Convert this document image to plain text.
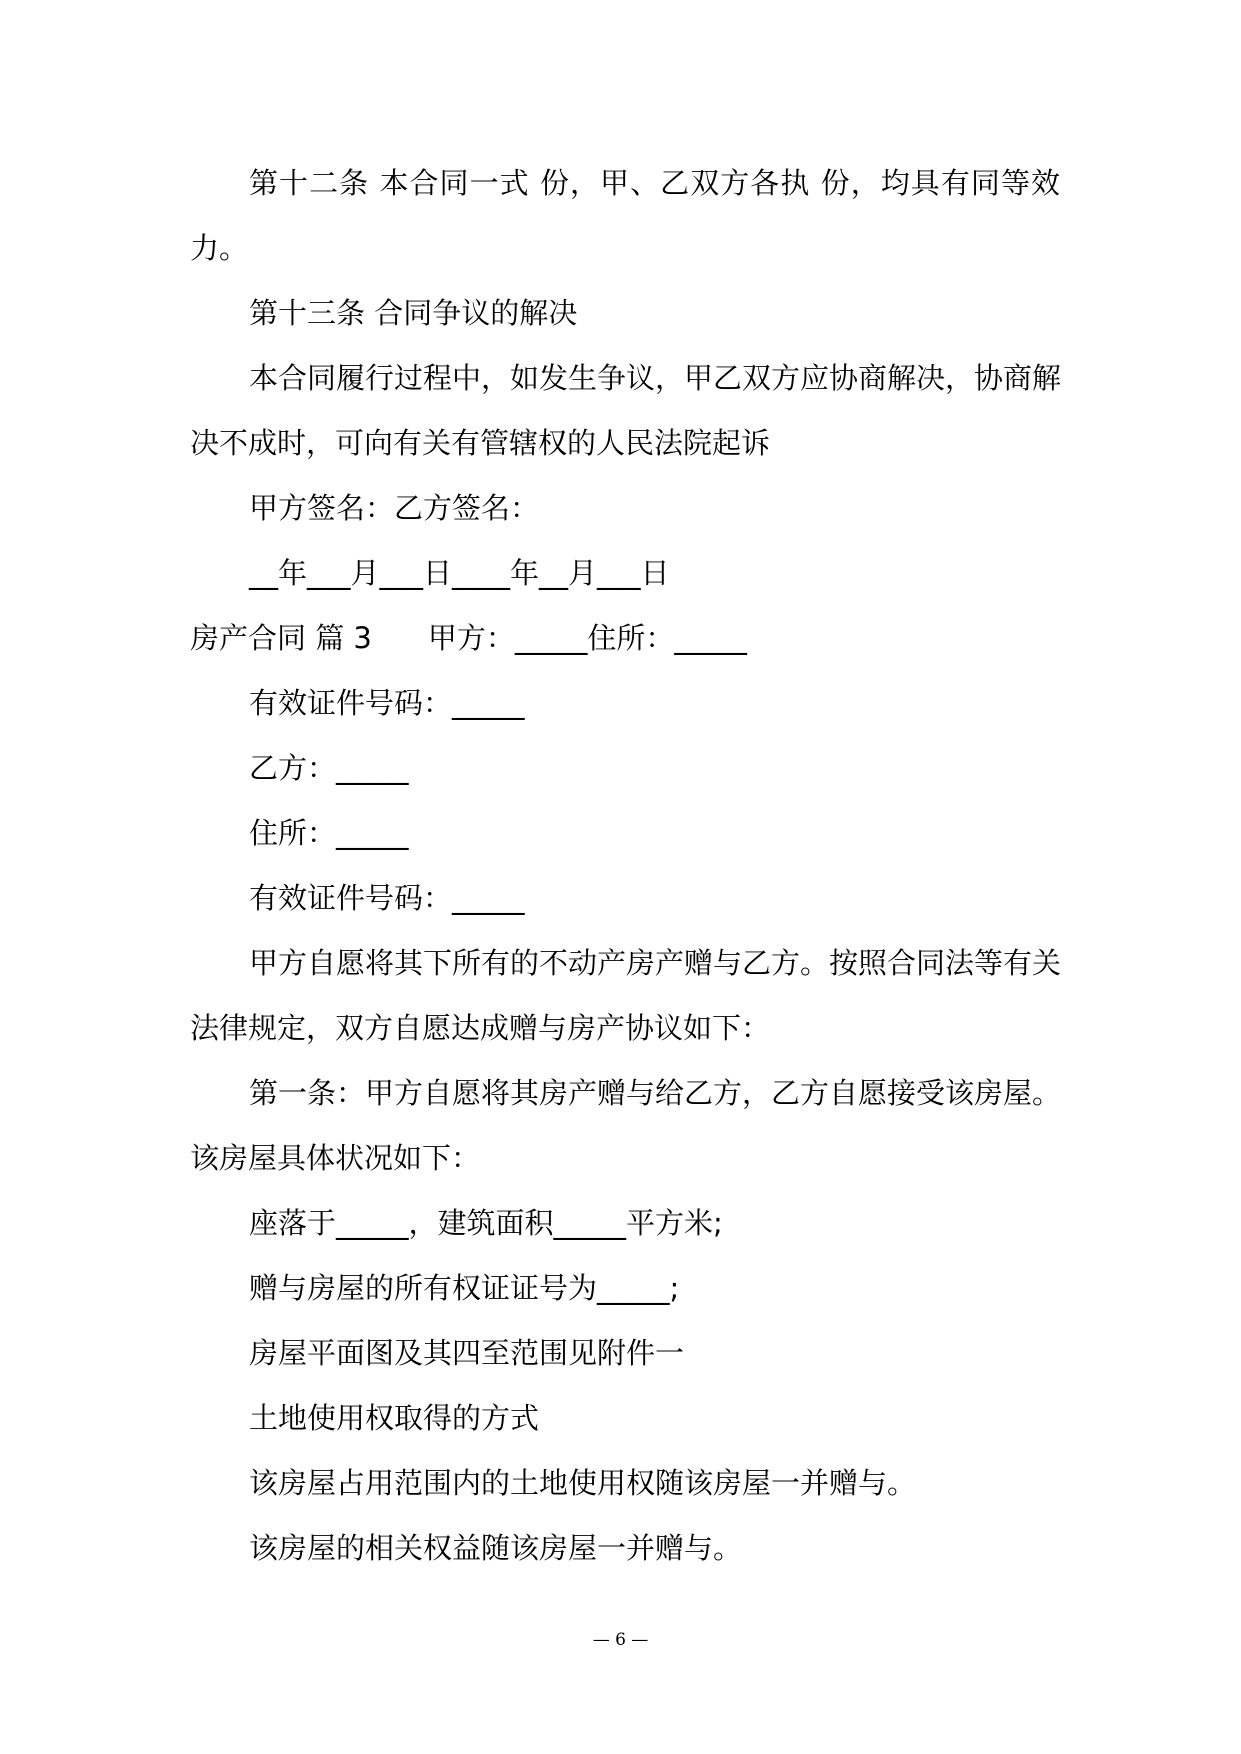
第十二条 本合同一式 份，甲、乙双方各执 份，均具有同等效
力。
第十三条 合同争议的解决
本合同履行过程中，如发生争议，甲乙双方应协商解决，协商解
决不成时，可向有关有管辖权的人民法院起诉
甲方签名：乙方签名：
__年___月___日____年__月___日
房产合同 篇 3 甲方：_____住所：_____
有效证件号码：_____
乙方：_____
住所：_____
有效证件号码：_____
甲方自愿将其下所有的不动产房产赠与乙方。按照合同法等有关
法律规定，双方自愿达成赠与房产协议如下：
第一条：甲方自愿将其房产赠与给乙方，乙方自愿接受该房屋。
该房屋具体状况如下：
座落于_____，建筑面积_____平方米;
赠与房屋的所有权证证号为_____;
房屋平面图及其四至范围见附件一
土地使用权取得的方式
该房屋占用范围内的土地使用权随该房屋一并赠与。
该房屋的相关权益随该房屋一并赠与。
— 6 —
